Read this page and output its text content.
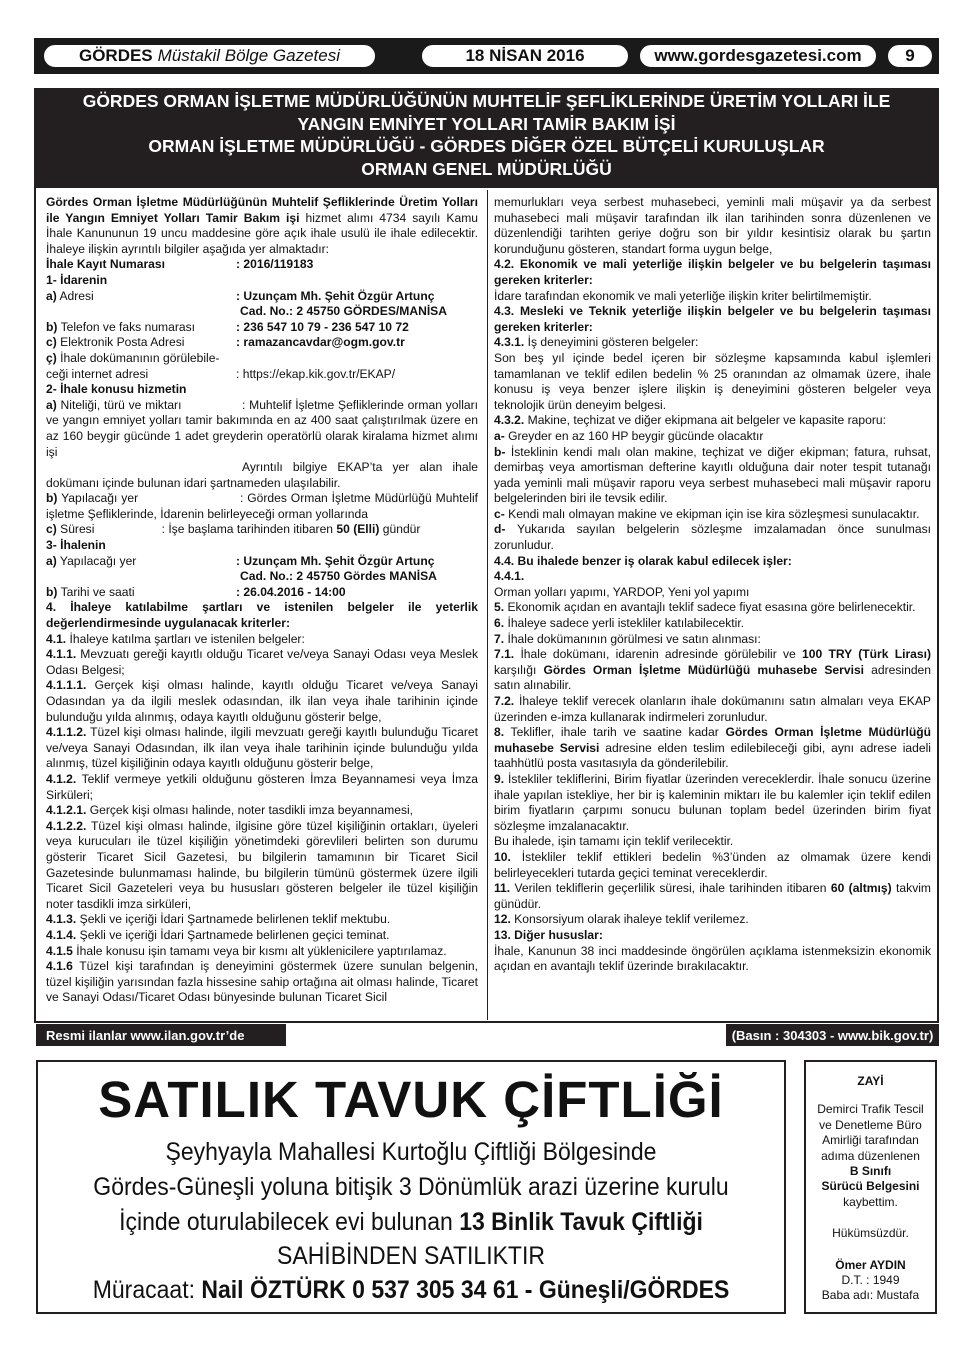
GÖRDES Müstakil Bölge Gazetesi	18 NİSAN 2016	www.gordesgazetesi.com	9
GÖRDES ORMAN İŞLETME MÜDÜRLÜĞÜNÜN MUHTELİF ŞEFLİKLERİNDE ÜRETİM YOLLARI İLE
YANGIN EMNİYET YOLLARI TAMİR BAKIM İŞİ
ORMAN İŞLETME MÜDÜRLÜĞÜ - GÖRDES DİĞER ÖZEL BÜTÇELİ KURULUŞLAR
ORMAN GENEL MÜDÜRLÜĞÜ

Gördes Orman İşletme Müdürlüğünün Muhtelif Şefliklerinde Üretim Yolları ile Yangın Emniyet Yolları Tamir Bakım işi hizmet alımı 4734 sayılı Kamu İhale Kanununun 19 uncu maddesine göre açık ihale usulü ile ihale edilecektir. İhaleye ilişkin ayrıntılı bilgiler aşağıda yer almaktadır:

İhale Kayıt Numarası	: 2016/119183
1- İdarenin
a) Adresi	: Uzunçam Mh. Şehit Özgür Artunç
Cad. No.: 2 45750 GÖRDES/MANİSA
b) Telefon ve faks numarası	: 236 547 10 79 - 236 547 10 72
c) Elektronik Posta Adresi	: ramazancavdar@ogm.gov.tr
ç) İhale dokümanının görülebile-
ceği internet adresi	: https://ekap.kik.gov.tr/EKAP/
2- İhale konusu hizmetin

a) Niteliği, türü ve miktarı                : Muhtelif İşletme Şefliklerinde orman yolları ve yangın emniyet yolları tamir bakımında en az 400 saat çalıştırılmak üzere en az 160 beygir gücünde 1 adet greyderin operatörlü olarak kiralama hizmet alımı işi

Ayrıntılı bilgiye EKAP’ta yer alan ihale dokümanı içinde bulunan idari şartnameden ulaşılabilir.

b) Yapılacağı yer                          : Gördes Orman İşletme Müdürlüğü Muhtelif işletme Şefliklerinde, İdarenin belirleyeceği orman yollarında

c) Süresi                    : İşe başlama tarihinden itibaren 50 (Elli) gündür

3- İhalenin
a) Yapılacağı yer	: Uzunçam Mh. Şehit Özgür Artunç
Cad. No.: 2 45750 Gördes MANİSA
b) Tarihi ve saati	: 26.04.2016 - 14:00

4. İhaleye katılabilme şartları ve istenilen belgeler ile yeterlik değerlendirmesinde uygulanacak kriterler:

4.1. İhaleye katılma şartları ve istenilen belgeler:

4.1.1. Mevzuatı gereği kayıtlı olduğu Ticaret ve/veya Sanayi Odası veya Meslek Odası Belgesi;

4.1.1.1. Gerçek kişi olması halinde, kayıtlı olduğu Ticaret ve/veya Sanayi Odasından ya da ilgili meslek odasından, ilk ilan veya ihale tarihinin içinde bulunduğu yılda alınmış, odaya kayıtlı olduğunu gösterir belge,

4.1.1.2. Tüzel kişi olması halinde, ilgili mevzuatı gereği kayıtlı bulunduğu Ticaret ve/veya Sanayi Odasından, ilk ilan veya ihale tarihinin içinde bulunduğu yılda alınmış, tüzel kişiliğinin odaya kayıtlı olduğunu gösterir belge,

4.1.2. Teklif vermeye yetkili olduğunu gösteren İmza Beyannamesi veya İmza Sirküleri;

4.1.2.1. Gerçek kişi olması halinde, noter tasdikli imza beyannamesi,

4.1.2.2. Tüzel kişi olması halinde, ilgisine göre tüzel kişiliğinin ortakları, üyeleri veya kurucuları ile tüzel kişiliğin yönetimdeki görevlileri belirten son durumu gösterir Ticaret Sicil Gazetesi, bu bilgilerin tamamının bir Ticaret Sicil Gazetesinde bulunmaması halinde, bu bilgilerin tümünü göstermek üzere ilgili Ticaret Sicil Gazeteleri veya bu hususları gösteren belgeler ile tüzel kişiliğin noter tasdikli imza sirküleri,

4.1.3. Şekli ve içeriği İdari Şartnamede belirlenen teklif mektubu.

4.1.4. Şekli ve içeriği İdari Şartnamede belirlenen geçici teminat.

4.1.5 İhale konusu işin tamamı veya bir kısmı alt yüklenicilere yaptırılamaz.

4.1.6 Tüzel kişi tarafından iş deneyimini göstermek üzere sunulan belgenin, tüzel kişiliğin yarısından fazla hissesine sahip ortağına ait olması halinde, Ticaret ve Sanayi Odası/Ticaret Odası bünyesinde bulunan Ticaret Sicil

memurlukları veya serbest muhasebeci, yeminli mali müşavir ya da serbest muhasebeci mali müşavir tarafından ilk ilan tarihinden sonra düzenlenen ve düzenlendiği tarihten geriye doğru son bir yıldır kesintisiz olarak bu şartın korunduğunu gösteren, standart forma uygun belge,

4.2. Ekonomik ve mali yeterliğe ilişkin belgeler ve bu belgelerin taşıması gereken kriterler:

İdare tarafından ekonomik ve mali yeterliğe ilişkin kriter belirtilmemiştir.

4.3. Mesleki ve Teknik yeterliğe ilişkin belgeler ve bu belgelerin taşıması gereken kriterler:

4.3.1. İş deneyimini gösteren belgeler:

Son beş yıl içinde bedel içeren bir sözleşme kapsamında kabul işlemleri tamamlanan ve teklif edilen bedelin % 25 oranından az olmamak üzere, ihale konusu iş veya benzer işlere ilişkin iş deneyimini gösteren belgeler veya teknolojik ürün deneyim belgesi.

4.3.2. Makine, teçhizat ve diğer ekipmana ait belgeler ve kapasite raporu:

a- Greyder en az 160 HP beygir gücünde olacaktır

b- İsteklinin kendi malı olan makine, teçhizat ve diğer ekipman; fatura, ruhsat, demirbaş veya amortisman defterine kayıtlı olduğuna dair noter tespit tutanağı yada yeminli mali müşavir raporu veya serbest muhasebeci mali müşavir raporu belgelerinden biri ile tevsik edilir.

c- Kendi malı olmayan makine ve ekipman için ise kira sözleşmesi sunulacaktır.

d- Yukarıda sayılan belgelerin sözleşme imzalamadan önce sunulması zorunludur.

4.4. Bu ihalede benzer iş olarak kabul edilecek işler:

4.4.1.

Orman yolları yapımı, YARDOP, Yeni yol yapımı

5. Ekonomik açıdan en avantajlı teklif sadece fiyat esasına göre belirlenecektir.

6. İhaleye sadece yerli istekliler katılabilecektir.

7. İhale dokümanının görülmesi ve satın alınması:

7.1. İhale dokümanı, idarenin adresinde görülebilir ve 100 TRY (Türk Lirası) karşılığı Gördes Orman İşletme Müdürlüğü muhasebe Servisi adresinden satın alınabilir.

7.2. İhaleye teklif verecek olanların ihale dokümanını satın almaları veya EKAP üzerinden e-imza kullanarak indirmeleri zorunludur.

8. Teklifler, ihale tarih ve saatine kadar Gördes Orman İşletme Müdürlüğü muhasebe Servisi adresine elden teslim edilebileceği gibi, aynı adrese iadeli taahhütlü posta vasıtasıyla da gönderilebilir.

9. İstekliler tekliflerini, Birim fiyatlar üzerinden vereceklerdir. İhale sonucu üzerine ihale yapılan istekliye, her bir iş kaleminin miktarı ile bu kalemler için teklif edilen birim fiyatların çarpımı sonucu bulunan toplam bedel üzerinden birim fiyat sözleşme imzalanacaktır.

Bu ihalede, işin tamamı için teklif verilecektir.

10. İstekliler teklif ettikleri bedelin %3’ünden az olmamak üzere kendi belirleyecekleri tutarda geçici teminat vereceklerdir.

11. Verilen tekliflerin geçerlilik süresi, ihale tarihinden itibaren 60 (altmış) takvim günüdür.

12. Konsorsiyum olarak ihaleye teklif verilemez.

13. Diğer hususlar:

İhale, Kanunun 38 inci maddesinde öngörülen açıklama istenmeksizin ekonomik açıdan en avantajlı teklif üzerinde bırakılacaktır.

Resmi ilanlar www.ilan.gov.tr’de	(Basın : 304303 - www.bik.gov.tr)
SATILIK TAVUK ÇİFTLİĞİ
Şeyhyayla Mahallesi Kurtoğlu Çiftliği Bölgesinde
Gördes-Güneşli yoluna bitişik 3 Dönümlük arazi üzerine kurulu
İçinde oturulabilecek evi bulunan 13 Binlik Tavuk Çiftliği
SAHİBİNDEN SATILIKTIR
Müracaat: Nail ÖZTÜRK 0 537 305 34 61 - Güneşli/GÖRDES
ZAYİ
Demirci Trafik Tescil
ve Denetleme Büro
Amirliği tarafından
adıma düzenlenen
B Sınıfı
Sürücü Belgesini
kaybettim.
Hükümsüzdür.
Ömer AYDIN
D.T. : 1949
Baba adı: Mustafa
